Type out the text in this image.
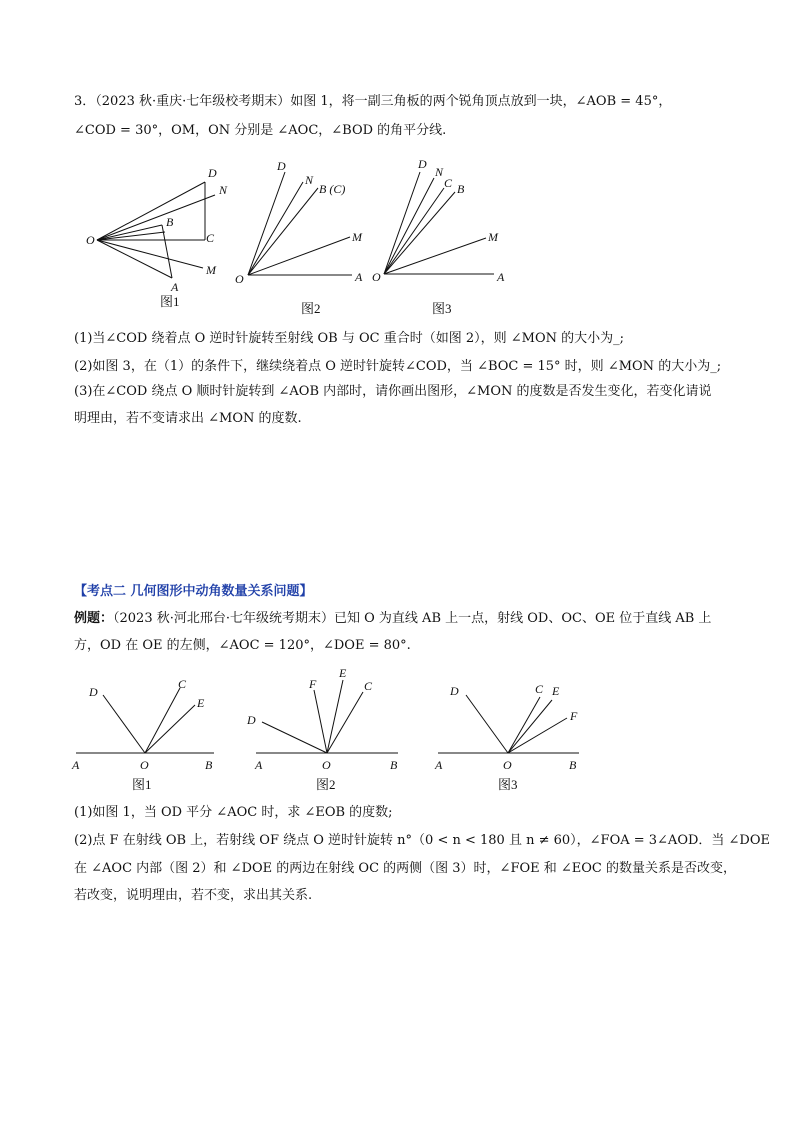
3．（2023 秋·重庆·七年级校考期末）如图 1，将一副三角板的两个锐角顶点放到一块，∠AOB = 45°，
∠COD = 30°，OM，ON 分别是 ∠AOC，∠BOD 的角平分线.
D
N
B
C
O
A
M
图1
D
N
B (C)
M
O	A
图2
D
N
C B
M
O	A
图3
(1)当∠COD 绕着点 O 逆时针旋转至射线 OB 与 OC 重合时（如图 2），则 ∠MON 的大小为_;
(2)如图 3，在（1）的条件下，继续绕着点 O 逆时针旋转∠COD，当 ∠BOC = 15° 时，则 ∠MON 的大小为_;
(3)在∠COD 绕点 O 顺时针旋转到 ∠AOB 内部时，请你画出图形，∠MON 的度数是否发生变化，若变化请说
明理由，若不变请求出 ∠MON 的度数.
【考点二 几何图形中动角数量关系问题】
例题：（2023 秋·河北邢台·七年级统考期末）已知 O 为直线 AB 上一点，射线 OD、OC、OE 位于直线 AB 上
方，OD 在 OE 的左侧，∠AOC = 120°，∠DOE = 80°.
D
C
E
A	O	B
图1
F
E
C
D
A	O	B
图2
D	C E
F
A	O	B
图3
(1)如图 1，当 OD 平分 ∠AOC 时，求 ∠EOB 的度数;
(2)点 F 在射线 OB 上，若射线 OF 绕点 O 逆时针旋转 n°（0 < n < 180 且 n ≠ 60），∠FOA = 3∠AOD．当 ∠DOE
在 ∠AOC 内部（图 2）和 ∠DOE 的两边在射线 OC 的两侧（图 3）时，∠FOE 和 ∠EOC 的数量关系是否改变，
若改变，说明理由，若不变，求出其关系.
